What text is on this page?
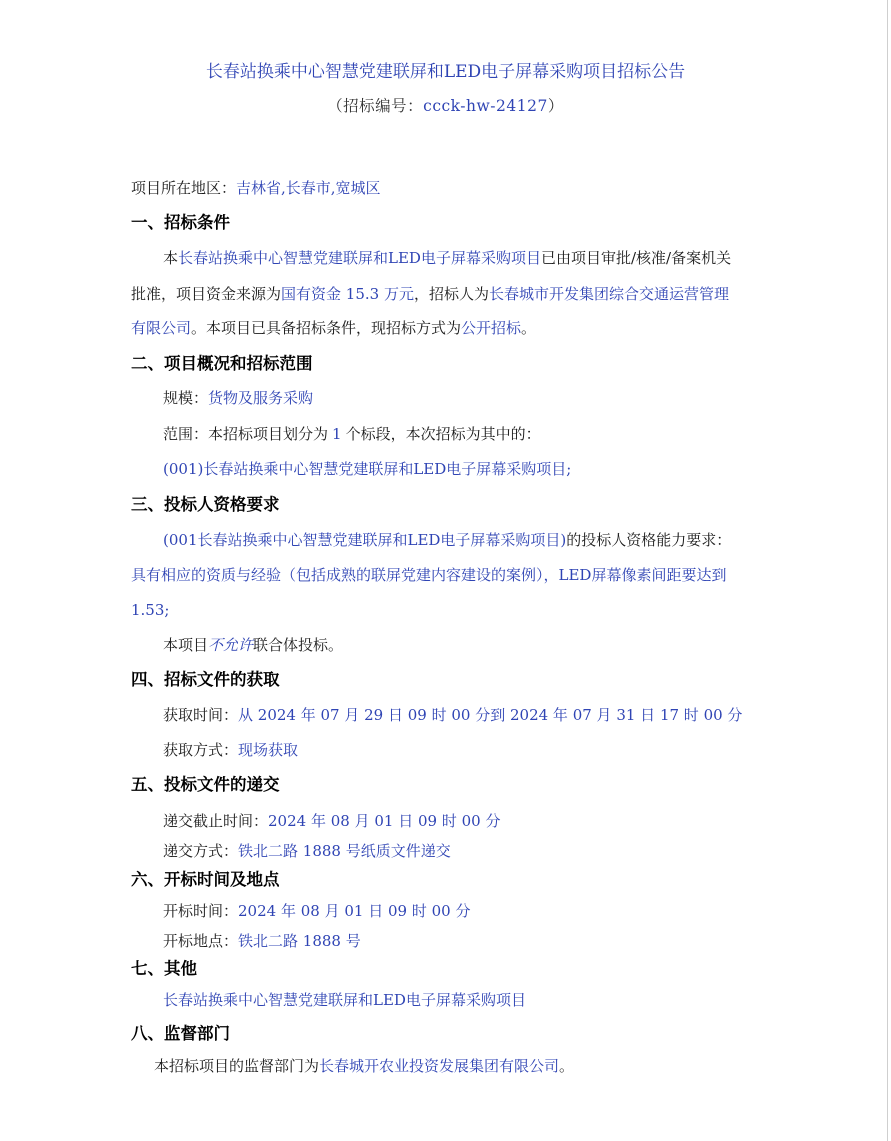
长春站换乘中心智慧党建联屏和LED电子屏幕采购项目招标公告
（招标编号：ccck-hw-24127）
项目所在地区：吉林省,长春市,宽城区
一、招标条件
本长春站换乘中心智慧党建联屏和LED电子屏幕采购项目已由项目审批/核准/备案机关
批准，项目资金来源为国有资金 15.3 万元，招标人为长春城市开发集团综合交通运营管理
有限公司。本项目已具备招标条件，现招标方式为公开招标。
二、项目概况和招标范围
规模：货物及服务采购
范围：本招标项目划分为 1 个标段，本次招标为其中的：
(001)长春站换乘中心智慧党建联屏和LED电子屏幕采购项目;
三、投标人资格要求
(001长春站换乘中心智慧党建联屏和LED电子屏幕采购项目)的投标人资格能力要求：
具有相应的资质与经验（包括成熟的联屏党建内容建设的案例），LED屏幕像素间距要达到
1.53;
本项目不允许联合体投标。
四、招标文件的获取
获取时间：从 2024 年 07 月 29 日 09 时 00 分到 2024 年 07 月 31 日 17 时 00 分
获取方式：现场获取
五、投标文件的递交
递交截止时间：2024 年 08 月 01 日 09 时 00 分
递交方式：铁北二路 1888 号纸质文件递交
六、开标时间及地点
开标时间：2024 年 08 月 01 日 09 时 00 分
开标地点：铁北二路 1888 号
七、其他
长春站换乘中心智慧党建联屏和LED电子屏幕采购项目
八、监督部门
本招标项目的监督部门为长春城开农业投资发展集团有限公司。
